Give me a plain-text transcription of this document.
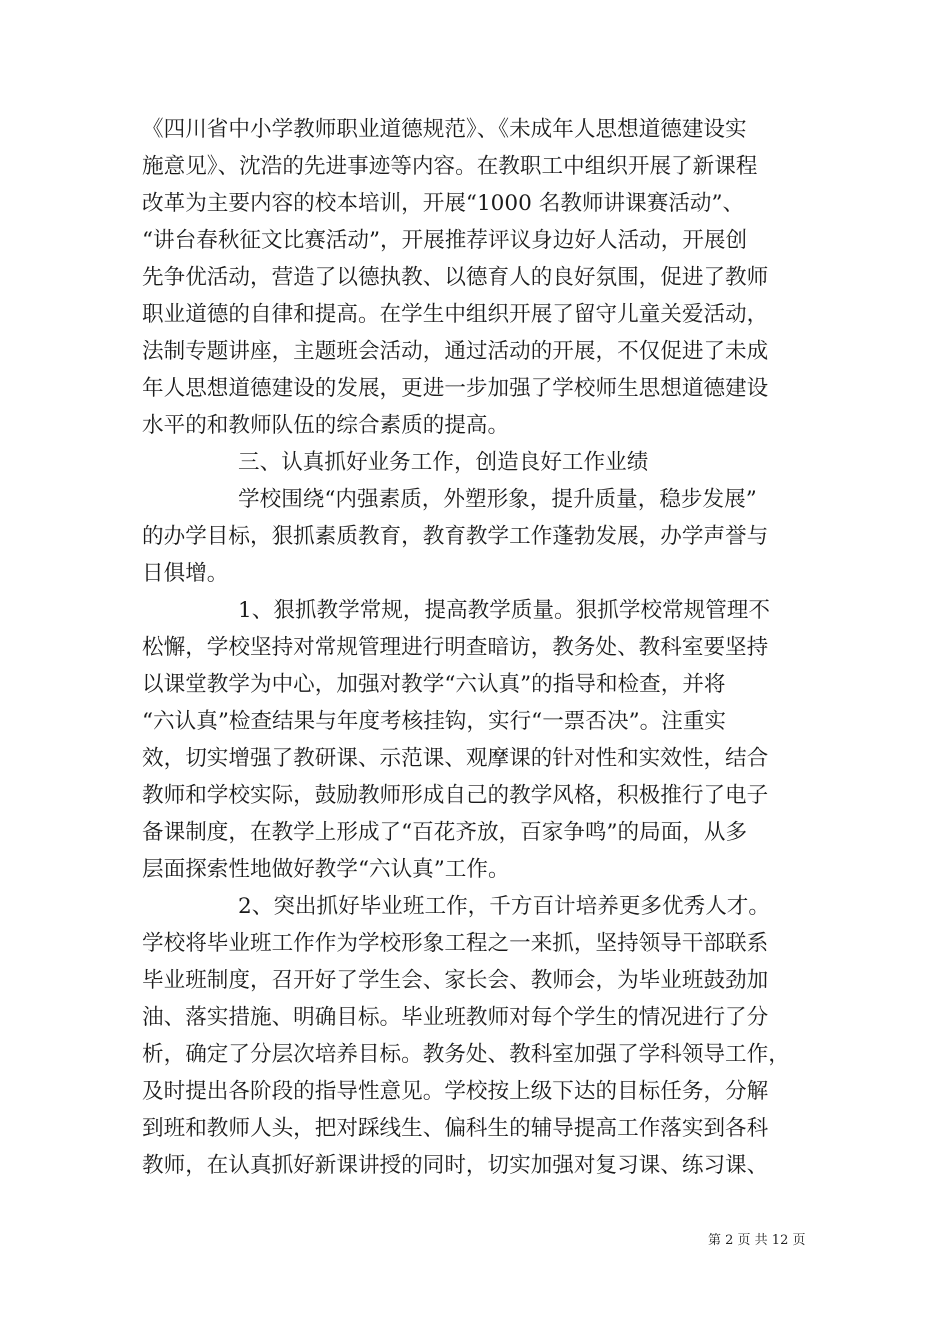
《四川省中小学教师职业道德规范》、《未成年人思想道德建设实
施意见》、沈浩的先进事迹等内容。在教职工中组织开展了新课程
改革为主要内容的校本培训，开展“1000 名教师讲课赛活动”、
“讲台春秋征文比赛活动”，开展推荐评议身边好人活动，开展创
先争优活动，营造了以德执教、以德育人的良好氛围，促进了教师
职业道德的自律和提高。在学生中组织开展了留守儿童关爱活动，
法制专题讲座，主题班会活动，通过活动的开展，不仅促进了未成
年人思想道德建设的发展，更进一步加强了学校师生思想道德建设
水平的和教师队伍的综合素质的提高。
三、认真抓好业务工作，创造良好工作业绩
学校围绕“内强素质，外塑形象，提升质量，稳步发展”
的办学目标，狠抓素质教育，教育教学工作蓬勃发展，办学声誉与
日俱增。
1、狠抓教学常规，提高教学质量。狠抓学校常规管理不
松懈，学校坚持对常规管理进行明查暗访，教务处、教科室要坚持
以课堂教学为中心，加强对教学“六认真”的指导和检查，并将
“六认真”检查结果与年度考核挂钩，实行“一票否决”。注重实
效，切实增强了教研课、示范课、观摩课的针对性和实效性，结合
教师和学校实际，鼓励教师形成自己的教学风格，积极推行了电子
备课制度，在教学上形成了“百花齐放，百家争鸣”的局面，从多
层面探索性地做好教学“六认真”工作。
2、突出抓好毕业班工作，千方百计培养更多优秀人才。
学校将毕业班工作作为学校形象工程之一来抓，坚持领导干部联系
毕业班制度，召开好了学生会、家长会、教师会，为毕业班鼓劲加
油、落实措施、明确目标。毕业班教师对每个学生的情况进行了分
析，确定了分层次培养目标。教务处、教科室加强了学科领导工作，
及时提出各阶段的指导性意见。学校按上级下达的目标任务，分解
到班和教师人头，把对踩线生、偏科生的辅导提高工作落实到各科
教师，在认真抓好新课讲授的同时，切实加强对复习课、练习课、
第 2 页 共 12 页
